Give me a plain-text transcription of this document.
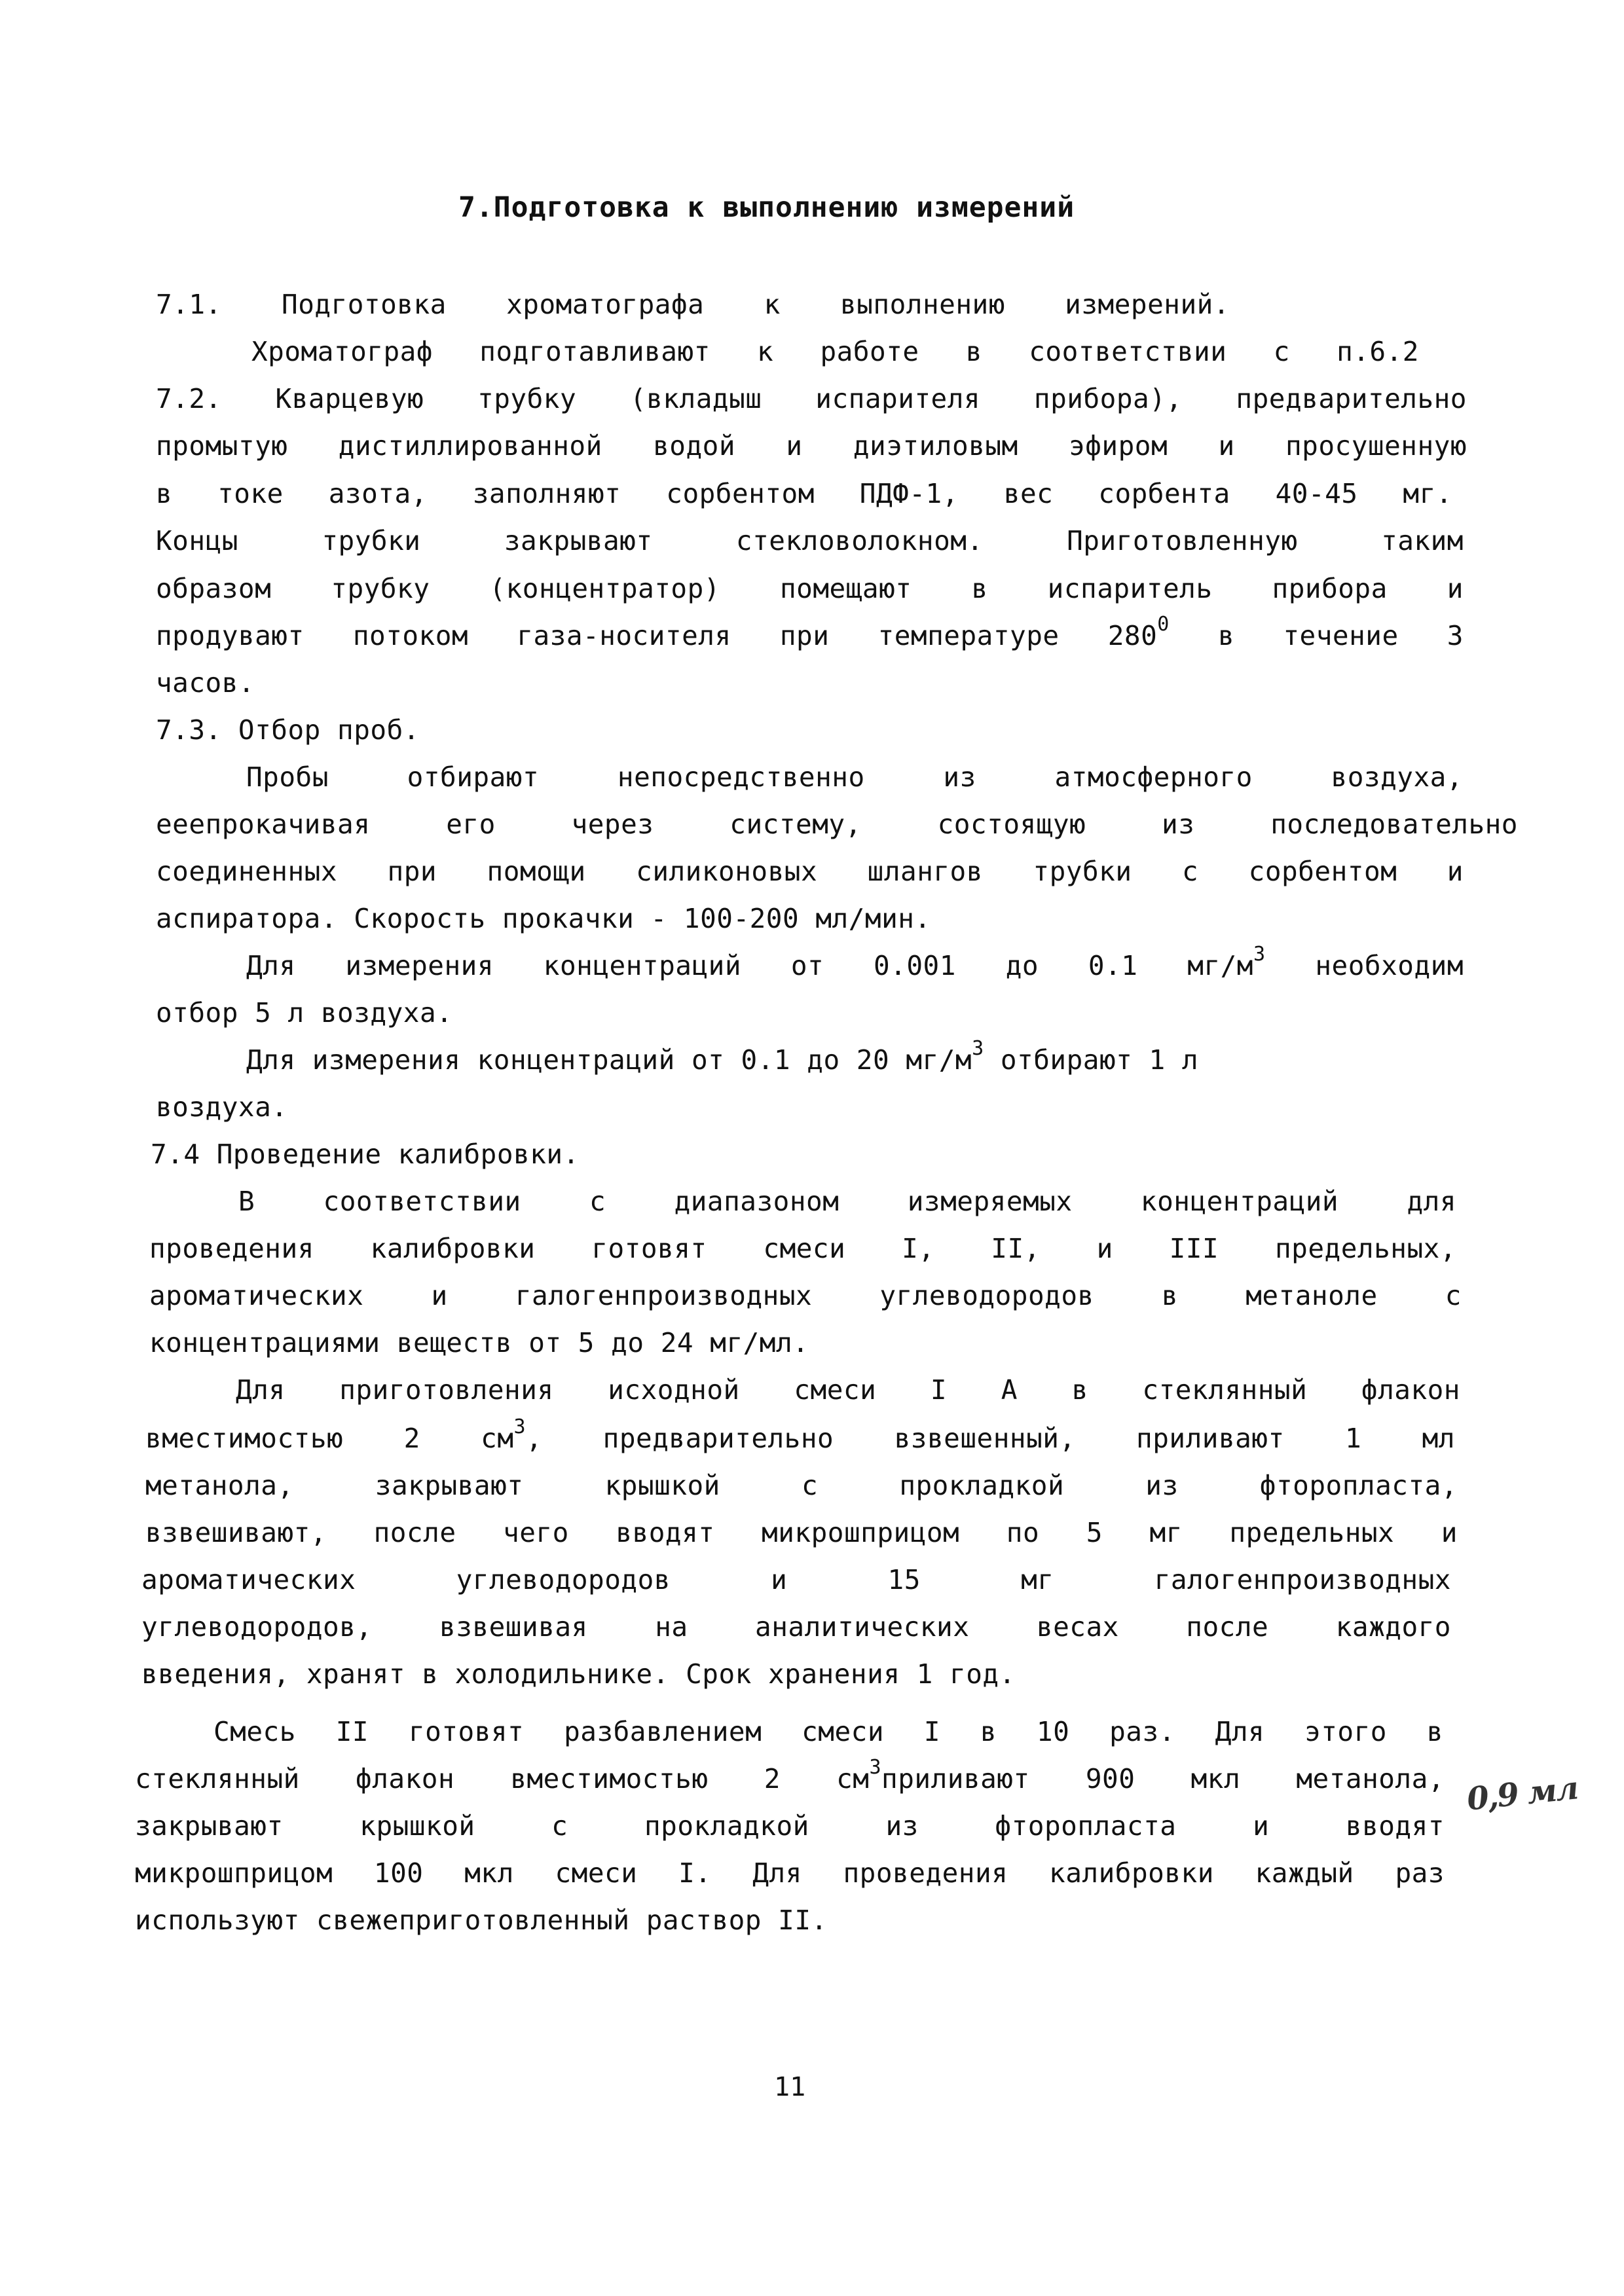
7.Подготовка к выполнению измерений
7.1. Подготовка хроматографа к выполнению измерений.
Хроматограф подготавливают к работе в соответствии с п.6.2
7.2. Кварцевую трубку (вкладыш испарителя прибора), предварительно
промытую дистиллированной водой и диэтиловым эфиром и просушенную
в токе азота, заполняют сорбентом ПДФ-1, вес сорбента 40-45 мг.
Концы трубки закрывают стекловолокном. Приготовленную таким
образом трубку (концентратор) помещают в испаритель прибора и
продувают потоком газа-носителя при температуре $280^0$ в течение 3
часов.
7.3. Отбор проб.
Пробы отбирают непосредственно из атмосферного воздуха,
ееепрокачивая его через систему, состоящую из последовательно
соединенных при помощи силиконовых шлангов трубки с сорбентом и
аспиратора. Скорость прокачки - 100-200 мл/мин.
Для измерения концентраций от 0.001 до 0.1 $мг/м^3$ необходим
отбор 5 л воздуха.
Для измерения концентраций от 0.1 до 20 $мг/м^3$ отбирают 1 л
воздуха.
7.4 Проведение калибровки.
В соответствии с диапазоном измеряемых концентраций для
проведения калибровки готовят смеси I, II, и III предельных,
ароматических и галогенпроизводных углеводородов в метаноле с
концентрациями веществ от 5 до 24 мг/мл.
Для приготовления исходной смеси I А в стеклянный флакон
вместимостью 2 $см^3$, предварительно взвешенный, приливают 1 мл
метанола, закрывают крышкой с прокладкой из фторопласта,
взвешивают, после чего вводят микрошприцом по 5 мг предельных и
ароматических углеводородов и 15 мг галогенпроизводных
углеводородов, взвешивая на аналитических весах после каждого
введения, хранят в холодильнике. Срок хранения 1 год.
Смесь II готовят разбавлением смеси I в 10 раз. Для этого в
стеклянный флакон вместимостью 2 $см^3приливают$ 900 мкл метанола,
закрывают крышкой с прокладкой из фторопласта и вводят
микрошприцом 100 мкл смеси I. Для проведения калибровки каждый раз
используют свежеприготовленный раствор II.
0,9 мл
11
